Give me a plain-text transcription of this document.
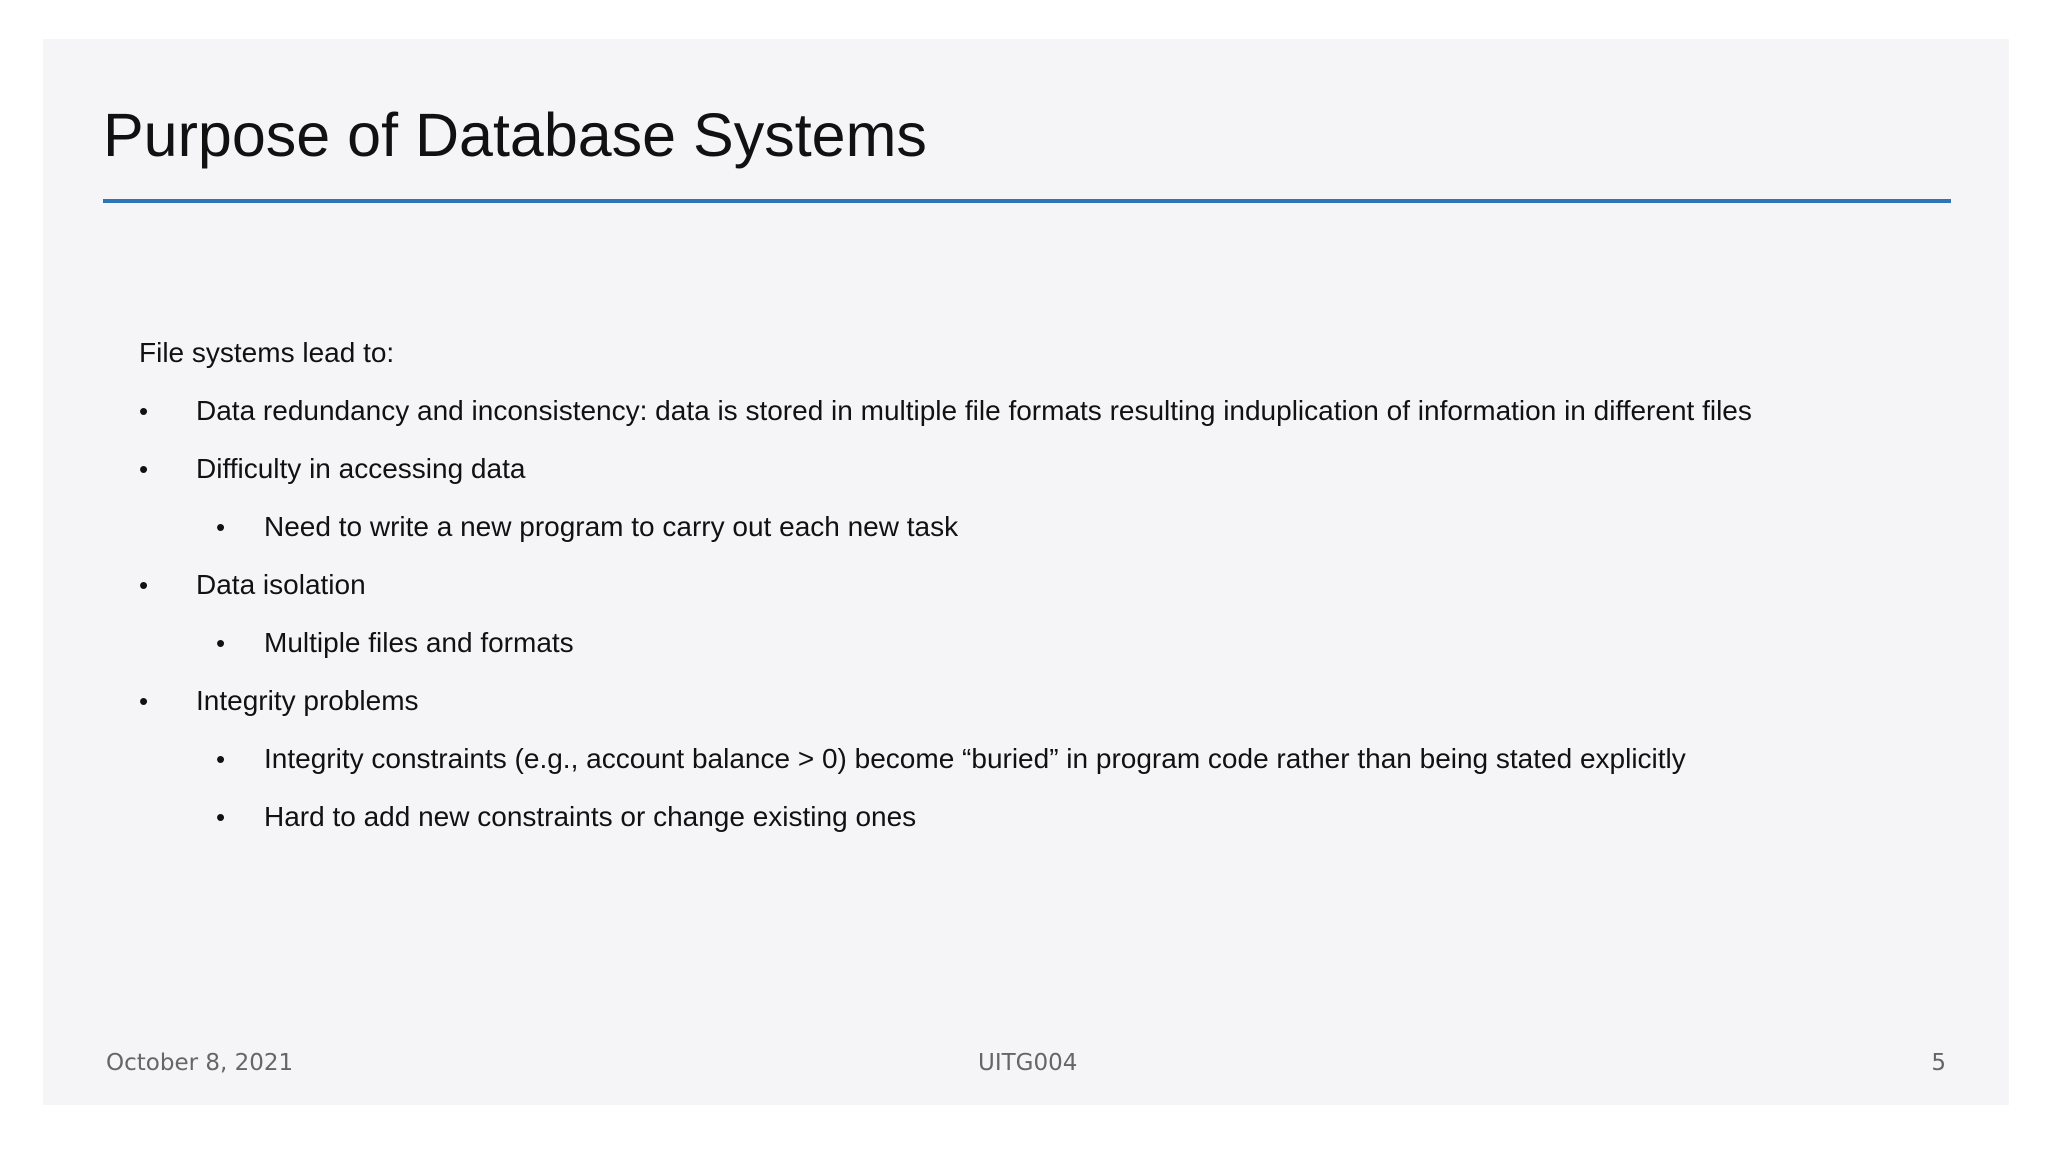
Purpose of Database Systems
File systems lead to:
• Data redundancy and inconsistency: data is stored in multiple file formats resulting induplication of information in different files
• Difficulty in accessing data
• Need to write a new program to carry out each new task
• Data isolation
• Multiple files and formats
• Integrity problems
• Integrity constraints (e.g., account balance > 0) become “buried” in program code rather than being stated explicitly
• Hard to add new constraints or change existing ones
October 8, 2021	UITG004	5
